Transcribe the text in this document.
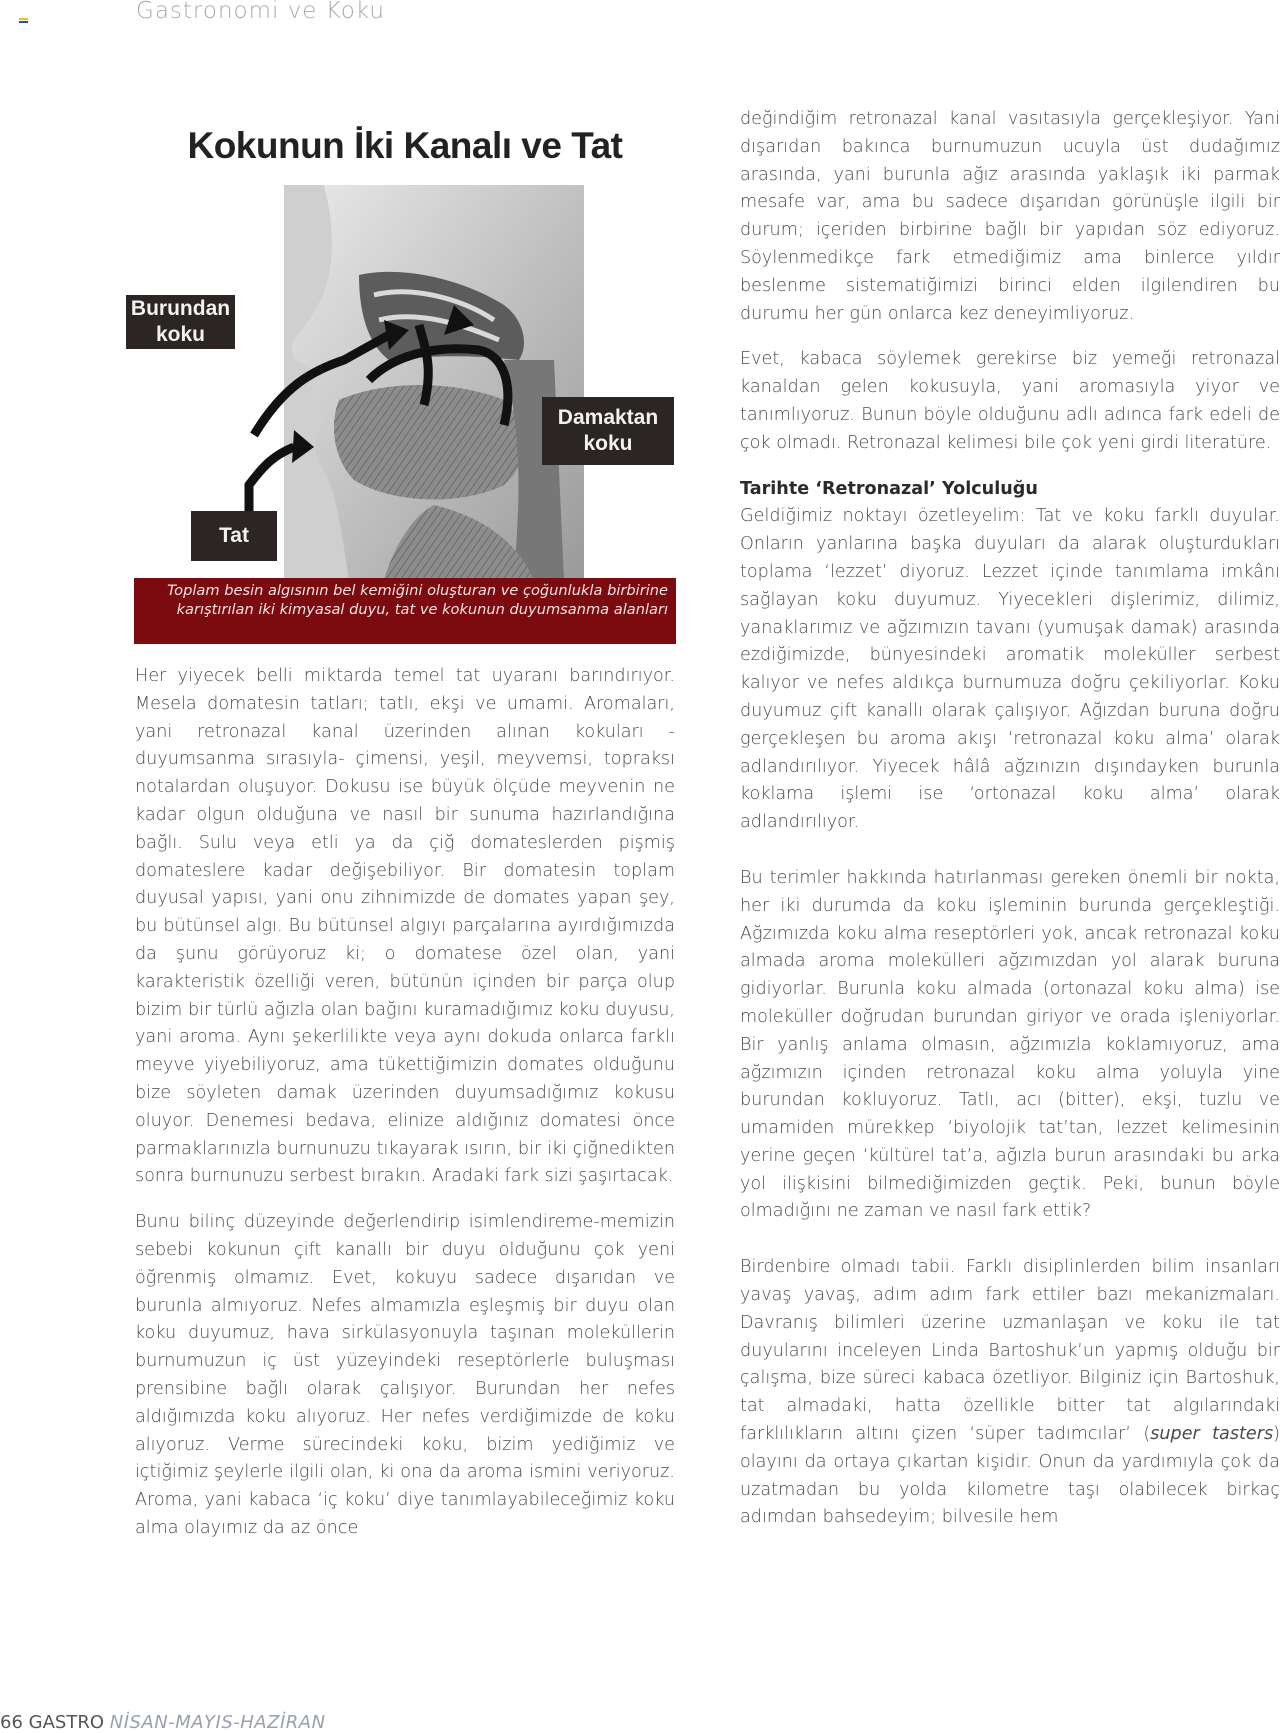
Gastronomi ve Koku
Kokunun İki Kanalı ve Tat
Burundan
koku
Damaktan
koku
Tat
Toplam besin algısının bel kemiğini oluşturan ve çoğunlukla birbirine karıştırılan iki kimyasal duyu, tat ve kokunun duyumsanma alanları

Her yiyecek belli miktarda temel tat uyaranı barındırıyor. Mesela domatesin tatları; tatlı, ekşi ve umami. Aromaları, yani retronazal kanal üzerinden alınan kokuları -duyumsanma sırasıyla- çimensi, yeşil, meyvemsi, topraksı notalardan oluşuyor. Dokusu ise büyük ölçüde meyvenin ne kadar olgun olduğuna ve nasıl bir sunuma hazırlandığına bağlı. Sulu veya etli ya da çiğ domateslerden pişmiş domateslere kadar değişebiliyor. Bir domatesin toplam duyusal yapısı, yani onu zihnimizde de domates yapan şey, bu bütünsel algı. Bu bütünsel algıyı parçalarına ayırdığımızda da şunu görüyoruz ki; o domatese özel olan, yani karakteristik özelliği veren, bütünün içinden bir parça olup bizim bir türlü ağızla olan bağını kuramadığımız koku duyusu, yani aroma. Aynı şekerlilikte veya aynı dokuda onlarca farklı meyve yiyebiliyoruz, ama tükettiğimizin domates olduğunu bize söyleten damak üzerinden duyumsadığımız kokusu oluyor. Denemesi bedava, elinize aldığınız domatesi önce parmaklarınızla burnunuzu tıkayarak ısırın, bir iki çiğnedikten sonra burnunuzu serbest bırakın. Aradaki fark sizi şaşırtacak.

Bunu bilinç düzeyinde değerlendirip isimlendireme-memizin sebebi kokunun çift kanallı bir duyu olduğunu çok yeni öğrenmiş olmamız. Evet, kokuyu sadece dışarıdan ve burunla almıyoruz. Nefes almamızla eşleşmiş bir duyu olan koku duyumuz, hava sirkülasyonuyla taşınan moleküllerin burnumuzun iç üst yüzeyindeki reseptörlerle buluşması prensibine bağlı olarak çalışıyor. Burundan her nefes aldığımızda koku alıyoruz. Her nefes verdiğimizde de koku alıyoruz. Verme sürecindeki koku, bizim yediğimiz ve içtiğimiz şeylerle ilgili olan, ki ona da aroma ismini veriyoruz. Aroma, yani kabaca ‘iç koku’ diye tanımlayabileceğimiz koku alma olayımız da az önce

değindiğim retronazal kanal vasıtasıyla gerçekleşiyor. Yani dışarıdan bakınca burnumuzun ucuyla üst dudağımız arasında, yani burunla ağız arasında yaklaşık iki parmak mesafe var, ama bu sadece dışarıdan görünüşle ilgili bir durum; içeriden birbirine bağlı bir yapıdan söz ediyoruz. Söylenmedikçe fark etmediğimiz ama binlerce yıldır beslenme sistematiğimizi birinci elden ilgilendiren bu durumu her gün onlarca kez deneyimliyoruz.

Evet, kabaca söylemek gerekirse biz yemeği retronazal kanaldan gelen kokusuyla, yani aromasıyla yiyor ve tanımlıyoruz. Bunun böyle olduğunu adlı adınca fark edeli de çok olmadı. Retronazal kelimesi bile çok yeni girdi literatüre.

Tarihte ‘Retronazal’ Yolculuğu

Geldiğimiz noktayı özetleyelim: Tat ve koku farklı duyular. Onların yanlarına başka duyuları da alarak oluşturdukları toplama ‘lezzet’ diyoruz. Lezzet içinde tanımlama imkânı sağlayan koku duyumuz. Yiyecekleri dişlerimiz, dilimiz, yanaklarımız ve ağzımızın tavanı (yumuşak damak) arasında ezdiğimizde, bünyesindeki aromatik moleküller serbest kalıyor ve nefes aldıkça burnumuza doğru çekiliyorlar. Koku duyumuz çift kanallı olarak çalışıyor. Ağızdan buruna doğru gerçekleşen bu aroma akışı ‘retronazal koku alma’ olarak adlandırılıyor. Yiyecek hâlâ ağzınızın dışındayken burunla koklama işlemi ise ‘ortonazal koku alma’ olarak adlandırılıyor.

Bu terimler hakkında hatırlanması gereken önemli bir nokta, her iki durumda da koku işleminin burunda gerçekleştiği. Ağzımızda koku alma reseptörleri yok, ancak retronazal koku almada aroma molekülleri ağzımızdan yol alarak buruna gidiyorlar. Burunla koku almada (ortonazal koku alma) ise moleküller doğrudan burundan giriyor ve orada işleniyorlar. Bir yanlış anlama olmasın, ağzımızla koklamıyoruz, ama ağzımızın içinden retronazal koku alma yoluyla yine burundan kokluyoruz. Tatlı, acı (bitter), ekşi, tuzlu ve umamiden mürekkep ‘biyolojik tat’tan, lezzet kelimesinin yerine geçen ‘kültürel tat’a, ağızla burun arasındaki bu arka yol ilişkisini bilmediğimizden geçtik. Peki, bunun böyle olmadığını ne zaman ve nasıl fark ettik?

Birdenbire olmadı tabii. Farklı disiplinlerden bilim insanları yavaş yavaş, adım adım fark ettiler bazı mekanizmaları. Davranış bilimleri üzerine uzmanlaşan ve koku ile tat duyularını inceleyen Linda Bartoshuk’un yapmış olduğu bir çalışma, bize süreci kabaca özetliyor. Bilginiz için Bartoshuk, tat almadaki, hatta özellikle bitter tat algılarındaki farklılıkların altını çizen ‘süper tadımcılar’ (super tasters) olayını da ortaya çıkartan kişidir. Onun da yardımıyla çok da uzatmadan bu yolda kilometre taşı olabilecek birkaç adımdan bahsedeyim; bilvesile hem

66 GASTRO NİSAN-MAYIS-HAZİRAN
